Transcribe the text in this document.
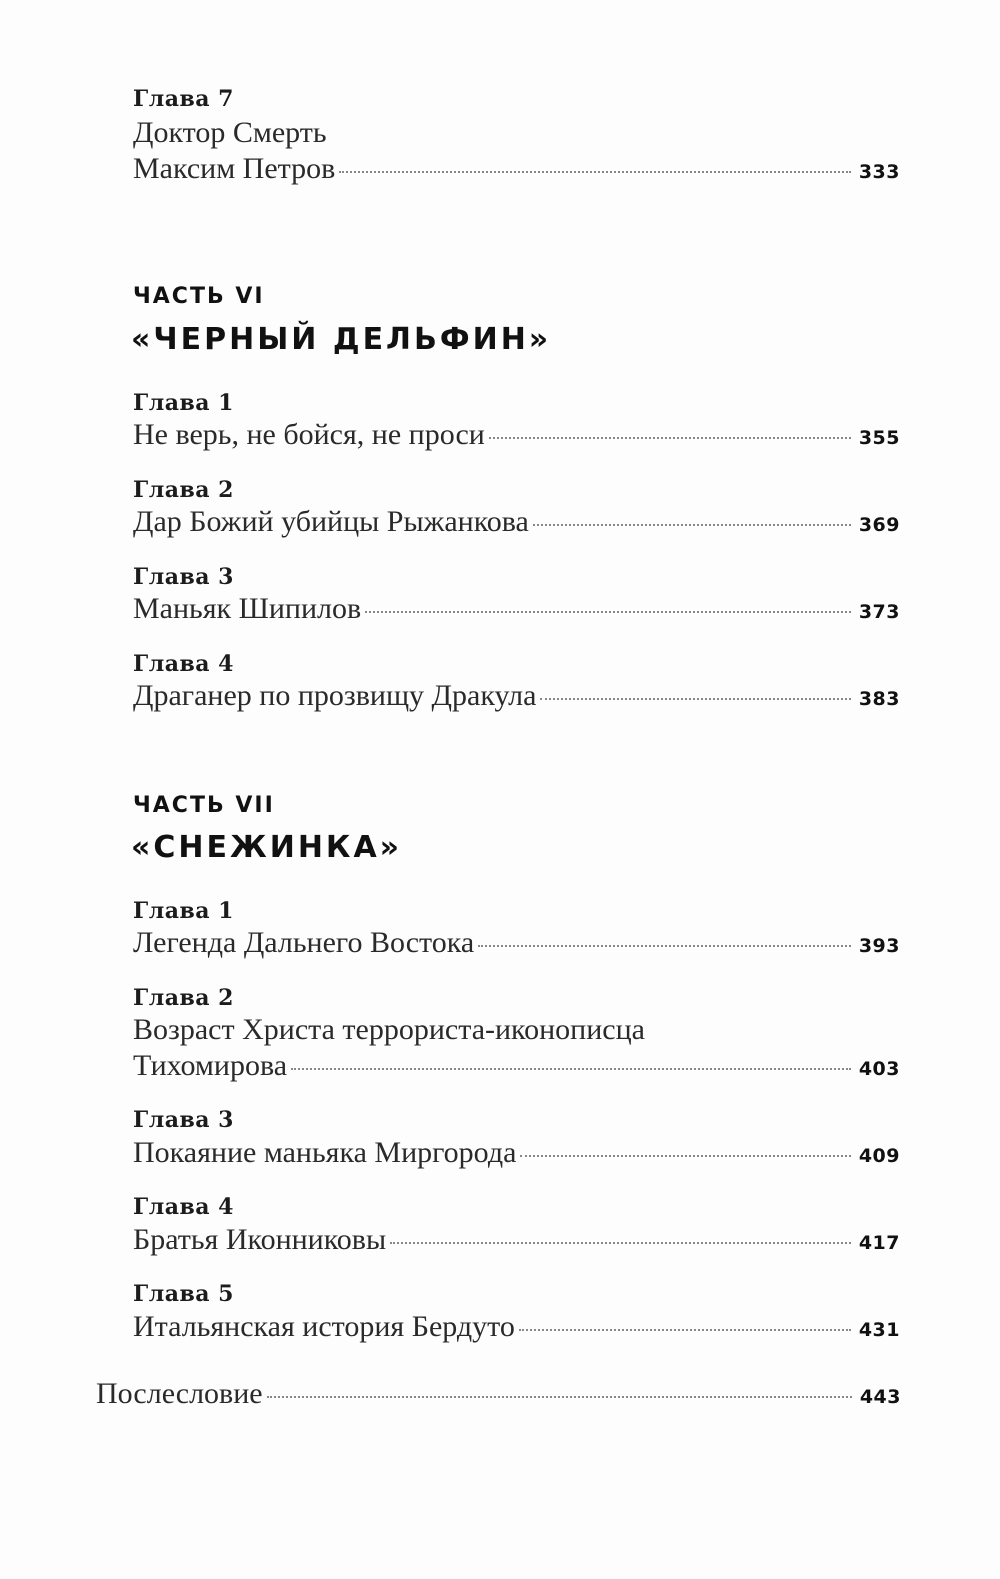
Глава 7
Доктор Смерть
Максим Петров	333
ЧАСТЬ VI
«ЧЕРНЫЙ ДЕЛЬФИН»
Глава 1
Не верь, не бойся, не проси	355
Глава 2
Дар Божий убийцы Рыжанкова	369
Глава 3
Маньяк Шипилов	373
Глава 4
Драганер по прозвищу Дракула	383
ЧАСТЬ VII
«СНЕЖИНКА»
Глава 1
Легенда Дальнего Востока	393
Глава 2
Возраст Христа террориста-иконописца
Тихомирова	403
Глава 3
Покаяние маньяка Миргорода	409
Глава 4
Братья Иконниковы	417
Глава 5
Итальянская история Бердуто	431
Послесловие	443
